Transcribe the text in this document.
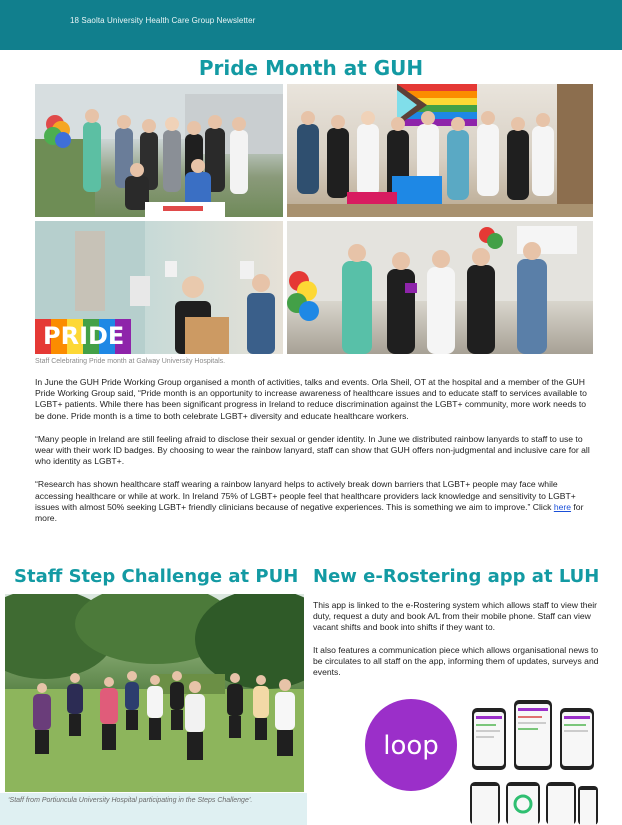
18 Saolta University Health Care Group Newsletter
Pride Month at GUH
PRIDE
Staff Celebrating Pride month at Galway University Hospitals.

In June the GUH Pride Working Group organised a month of activities, talks and events. Orla Sheil, OT at the hospital and a member of the GUH Pride Working Group said, “Pride month is an opportunity to increase awareness of healthcare issues and to educate staff to services available to LGBT+ patients. While there has been significant progress in Ireland to reduce discrimination against the LGBT+ community, more work needs to be done. Pride month is a time to both celebrate LGBT+ diversity and educate healthcare workers.

“Many people in Ireland are still feeling afraid to disclose their sexual or gender identity. In June we distributed rainbow lanyards to staff to use to wear with their work ID badges. By choosing to wear the rainbow lanyard, staff can show that GUH offers non-judgmental and inclusive care for all who identity as LGBT+.

“Research has shown healthcare staff wearing a rainbow lanyard helps to actively break down barriers that LGBT+ people may face while accessing healthcare or while at work. In Ireland 75% of LGBT+ people feel that healthcare providers lack knowledge and sensitivity to LGBT+ issues with almost 50% seeking LGBT+ friendly clinicians because of negative experiences. This is something we aim to improve.” Click here for more.

Staff Step Challenge at PUH New e-Rostering app at LUH
‘Staff from Portiuncula University Hospital participating in the Steps Challenge’.

This app is linked to the e-Rostering system which allows staff to view their duty, request a duty and book A/L from their mobile phone. Staff can view vacant shifts and book into shifts if they want to.

It also features a communication piece which allows organisational news to be circulates to all staff on the app, informing them of updates, surveys and events.

loop
